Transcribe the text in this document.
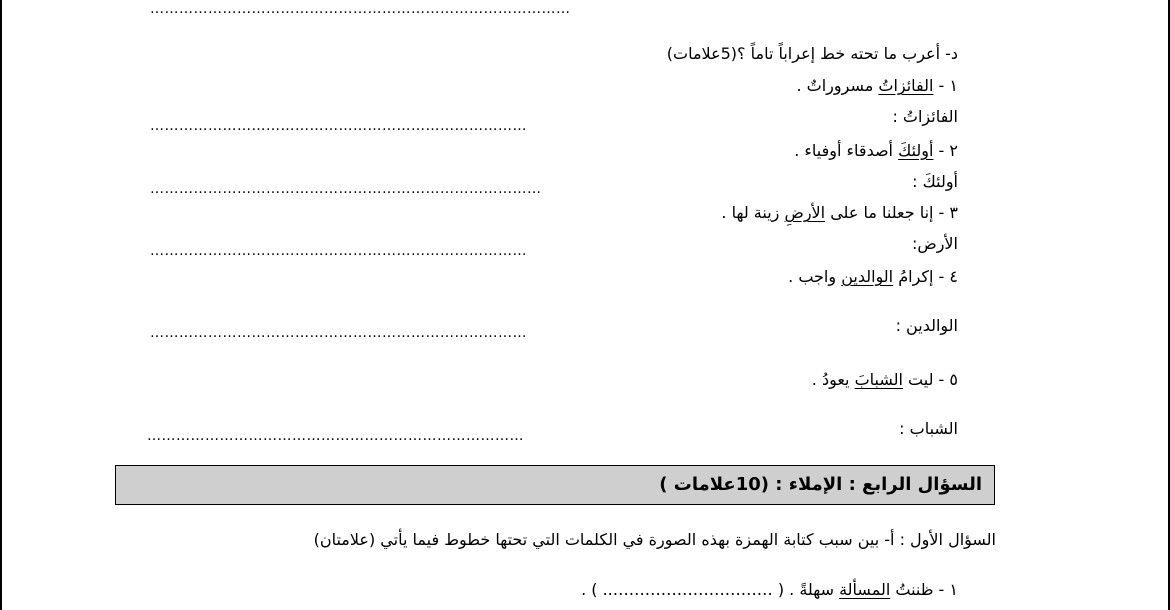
……………………………………………………………………………
د- أعرب ما تحته خط إعراباً تاماً ؟(5علامات)
١ - الفائزاتُ مسروراتٌ .
الفائزاتُ :
……………………………………………………………………
٢ - أولئكَ أصدقاء أوفياء .
أولئكَ :
………………………………………………………………………
٣ - إنا جعلنا ما على الأرضِ زينة لها .
الأرض:
……………………………………………………………………
٤ - إكرامُ الوالدين واجب .
الوالدين :
……………………………………………………………………
٥ - ليت الشبابَ يعودُ .
الشباب :
……………………………………………………………………
السؤال الرابع : الإملاء : (10علامات )
السؤال الأول : أ- بين سبب كتابة الهمزة بهذه الصورة في الكلمات التي تحتها خطوط فيما يأتي (علامتان)
١ - ظننتُ المسألة سهلةً . ( ………………………….. ) .
